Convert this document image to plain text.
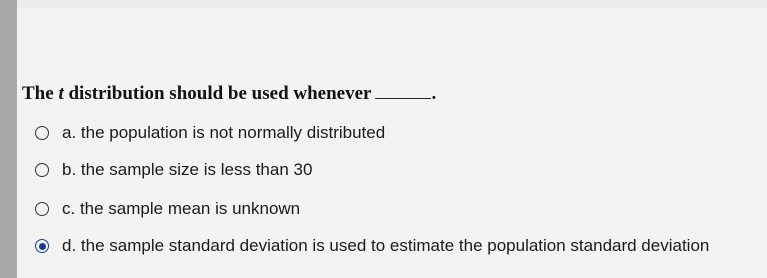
The t distribution should be used whenever	.
a. the population is not normally distributed
b. the sample size is less than 30
c. the sample mean is unknown
d. the sample standard deviation is used to estimate the population standard deviation
